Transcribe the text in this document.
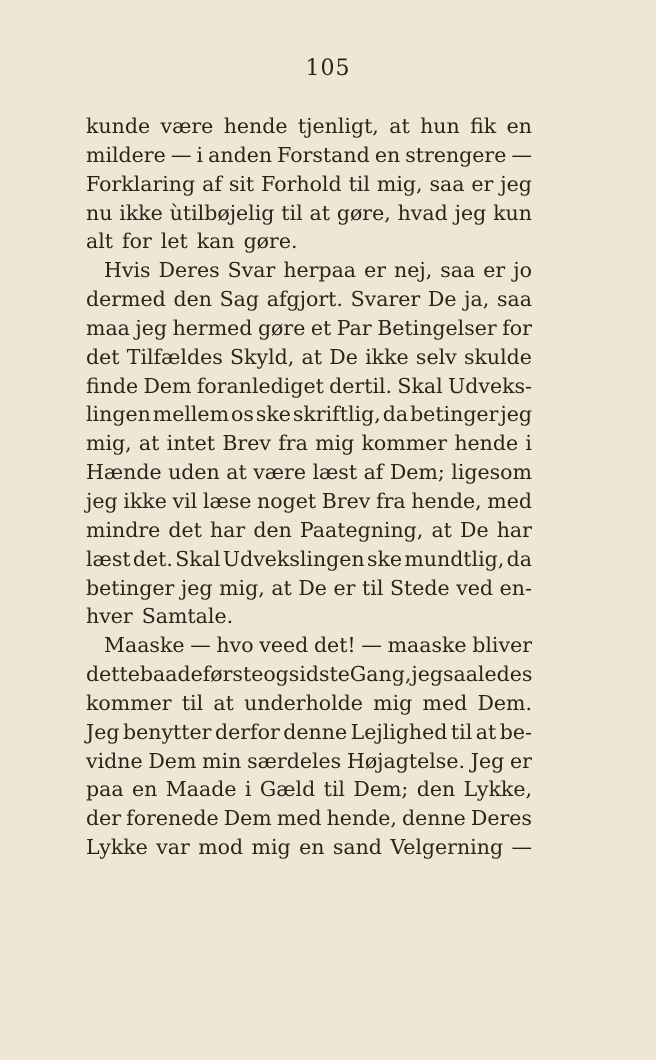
105
kunde være hende tjenligt, at hun fik en
mildere — i anden Forstand en strengere —
Forklaring af sit Forhold til mig, saa er jeg
nu ikke ùtilbøjelig til at gøre, hvad jeg kun
alt for let kan gøre.
Hvis Deres Svar herpaa er nej, saa er jo
dermed den Sag afgjort. Svarer De ja, saa
maa jeg hermed gøre et Par Betingelser for
det Tilfældes Skyld, at De ikke selv skulde
finde Dem foranlediget dertil. Skal Udveks-
lingen mellem os ske skriftlig, da betinger jeg
mig, at intet Brev fra mig kommer hende i
Hænde uden at være læst af Dem; ligesom
jeg ikke vil læse noget Brev fra hende, med
mindre det har den Paategning, at De har
læst det. Skal Udvekslingen ske mundtlig, da
betinger jeg mig, at De er til Stede ved en-
hver Samtale.
Maaske — hvo veed det! — maaske bliver
dette baade første og sidste Gang, jeg saaledes
kommer til at underholde mig med Dem.
Jeg benytter derfor denne Lejlighed til at be-
vidne Dem min særdeles Højagtelse. Jeg er
paa en Maade i Gæld til Dem; den Lykke,
der forenede Dem med hende, denne Deres
Lykke var mod mig en sand Velgerning —
